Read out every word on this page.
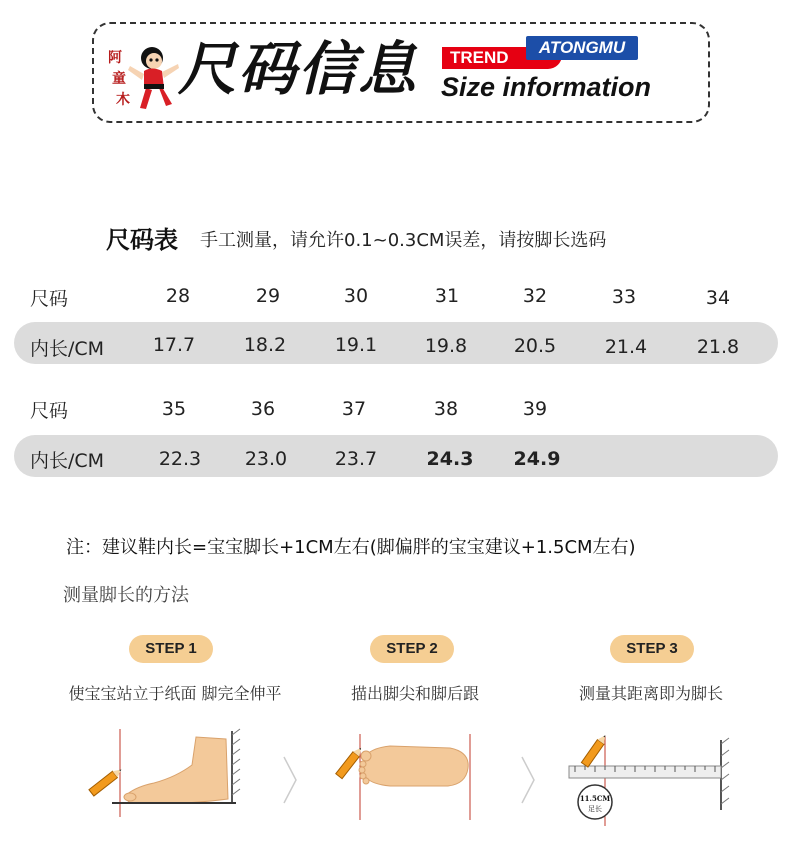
阿
童
木 尺码信息	TREND
ATONGMU
Size information
尺码表 手工测量，请允许0.1~0.3CM误差，请按脚长选码
尺码	28	29	30	31	32	33	34
内长/CM	17.7	18.2	19.1	19.8	20.5	21.4	21.8
尺码	35	36	37	38	39
内长/CM	22.3	23.0	23.7	24.3	24.9
注：建议鞋内长=宝宝脚长+1CM左右(脚偏胖的宝宝建议+1.5CM左右)
测量脚长的方法
STEP 1	STEP 2	STEP 3
使宝宝站立于纸面 脚完全伸平	描出脚尖和脚后跟	测量其距离即为脚长
11.5CM
足长
